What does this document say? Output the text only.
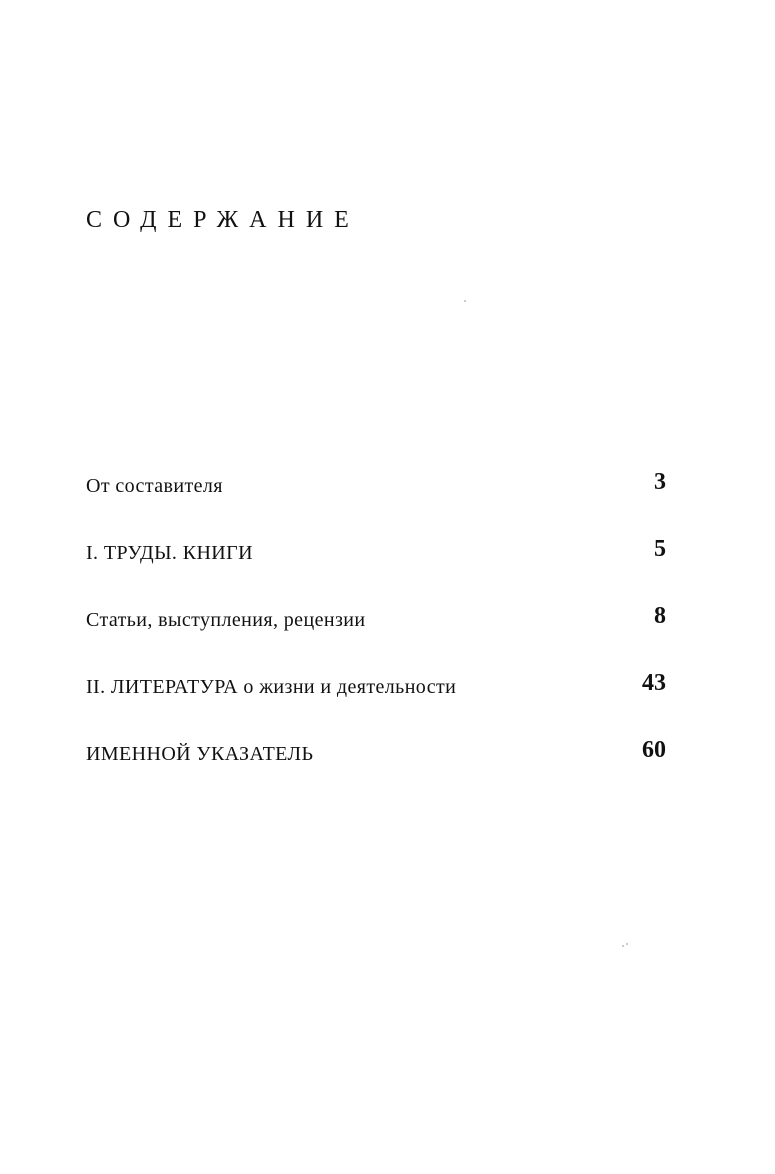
СОДЕРЖАНИЕ
От составителя	3
I. ТРУДЫ. КНИГИ	5
Статьи, выступления, рецензии	8
II. ЛИТЕРАТУРА о жизни и деятельности	43
ИМЕННОЙ УКАЗАТЕЛЬ	60
